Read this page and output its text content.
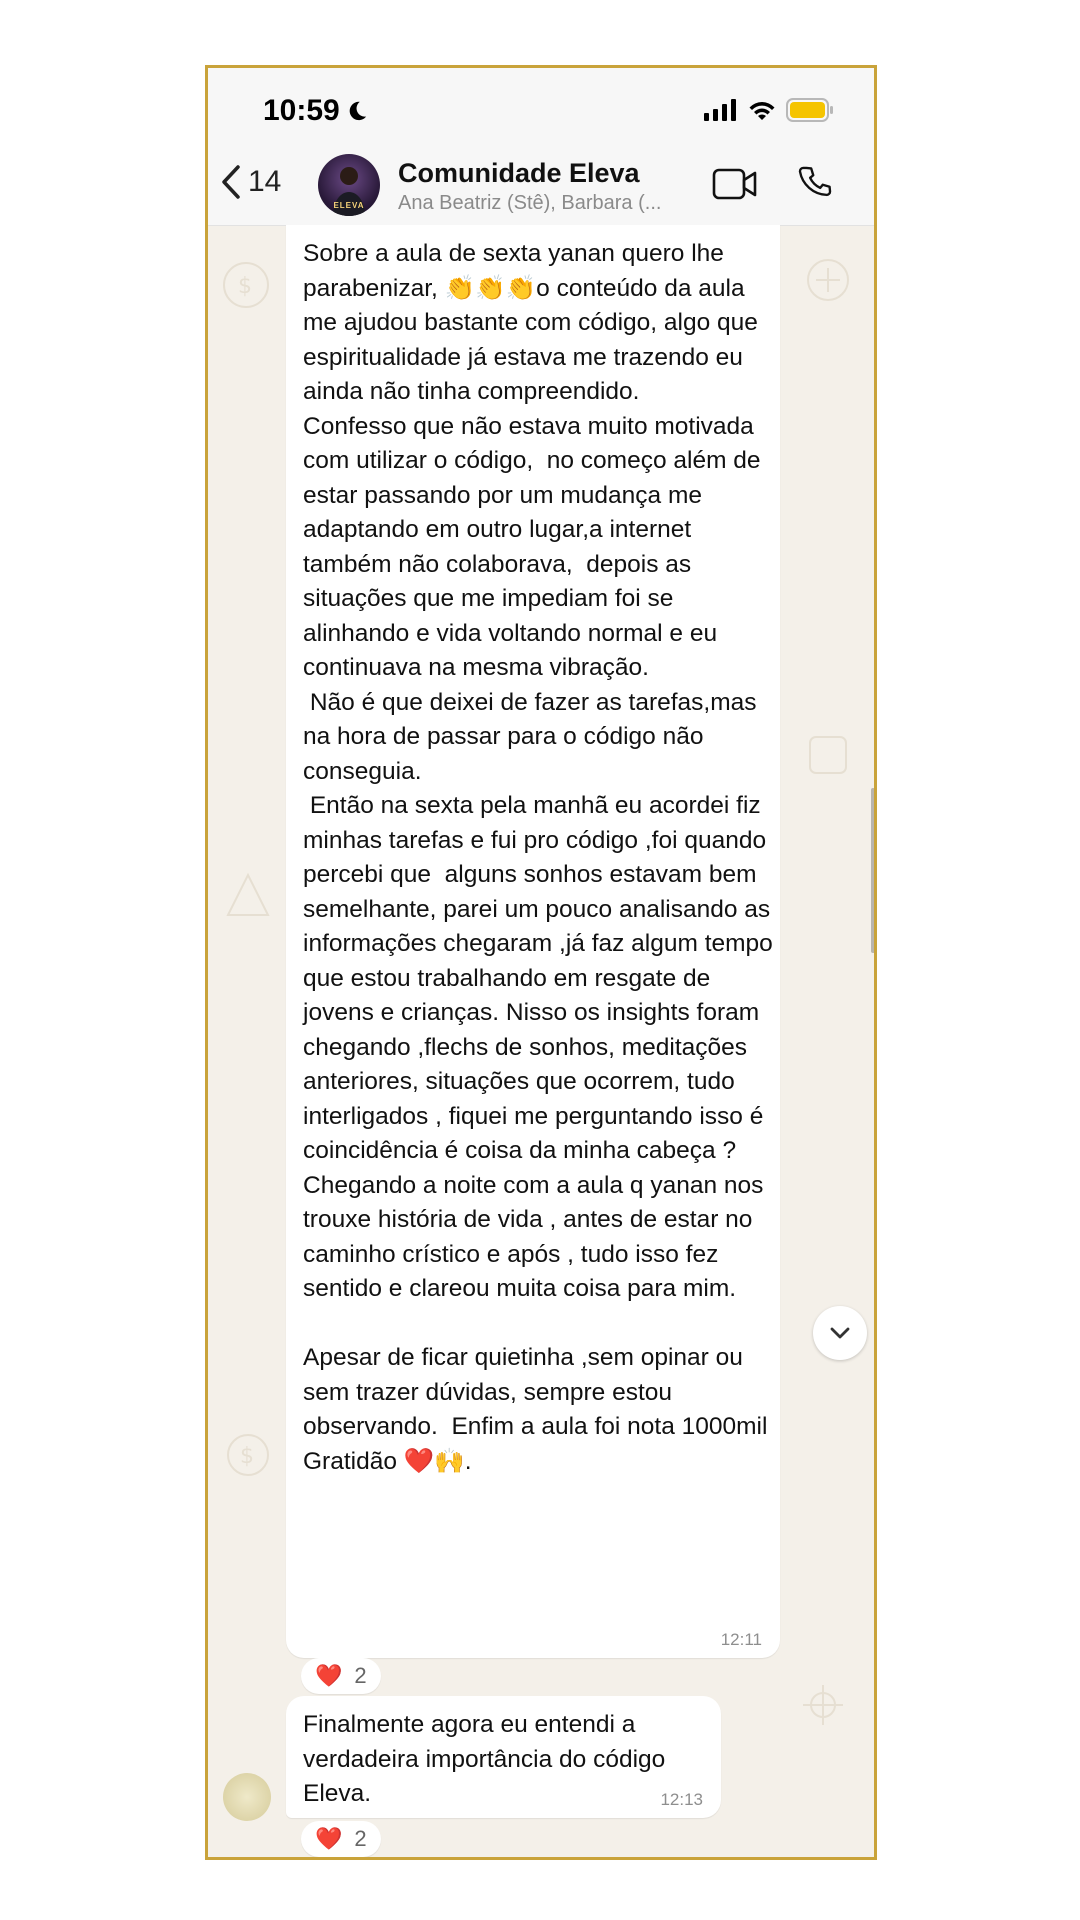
10:59
14
ELEVA
Comunidade Eleva
Ana Beatriz (Stê), Barbara (...
$
$
Sobre a aula de sexta yanan quero lhe parabenizar, 👏👏👏o conteúdo da aula me ajudou bastante com código, algo que espiritualidade já estava me trazendo eu ainda não tinha compreendido.
Confesso que não estava muito motivada com utilizar o código,  no começo além de estar passando por um mudança me adaptando em outro lugar,a internet também não colaborava,  depois as situações que me impediam foi se alinhando e vida voltando normal e eu continuava na mesma vibração.
Não é que deixei de fazer as tarefas,mas na hora de passar para o código não conseguia.
Então na sexta pela manhã eu acordei fiz  minhas tarefas e fui pro código ,foi quando percebi que  alguns sonhos estavam bem semelhante, parei um pouco analisando as informações chegaram ,já faz algum tempo que estou trabalhando em resgate de jovens e crianças. Nisso os insights foram chegando ,flechs de sonhos, meditações anteriores, situações que ocorrem, tudo interligados , fiquei me perguntando isso é coincidência é coisa da minha cabeça ? Chegando a noite com a aula q yanan nos trouxe história de vida , antes de estar no caminho crístico e após , tudo isso fez sentido e clareou muita coisa para mim.

Apesar de ficar quietinha ,sem opinar ou sem trazer dúvidas, sempre estou observando.  Enfim a aula foi nota 1000mil Gratidão ❤️🙌.
12:11
❤️ 2
Finalmente agora eu entendi a verdadeira importância do código Eleva.	12:13
❤️ 2
